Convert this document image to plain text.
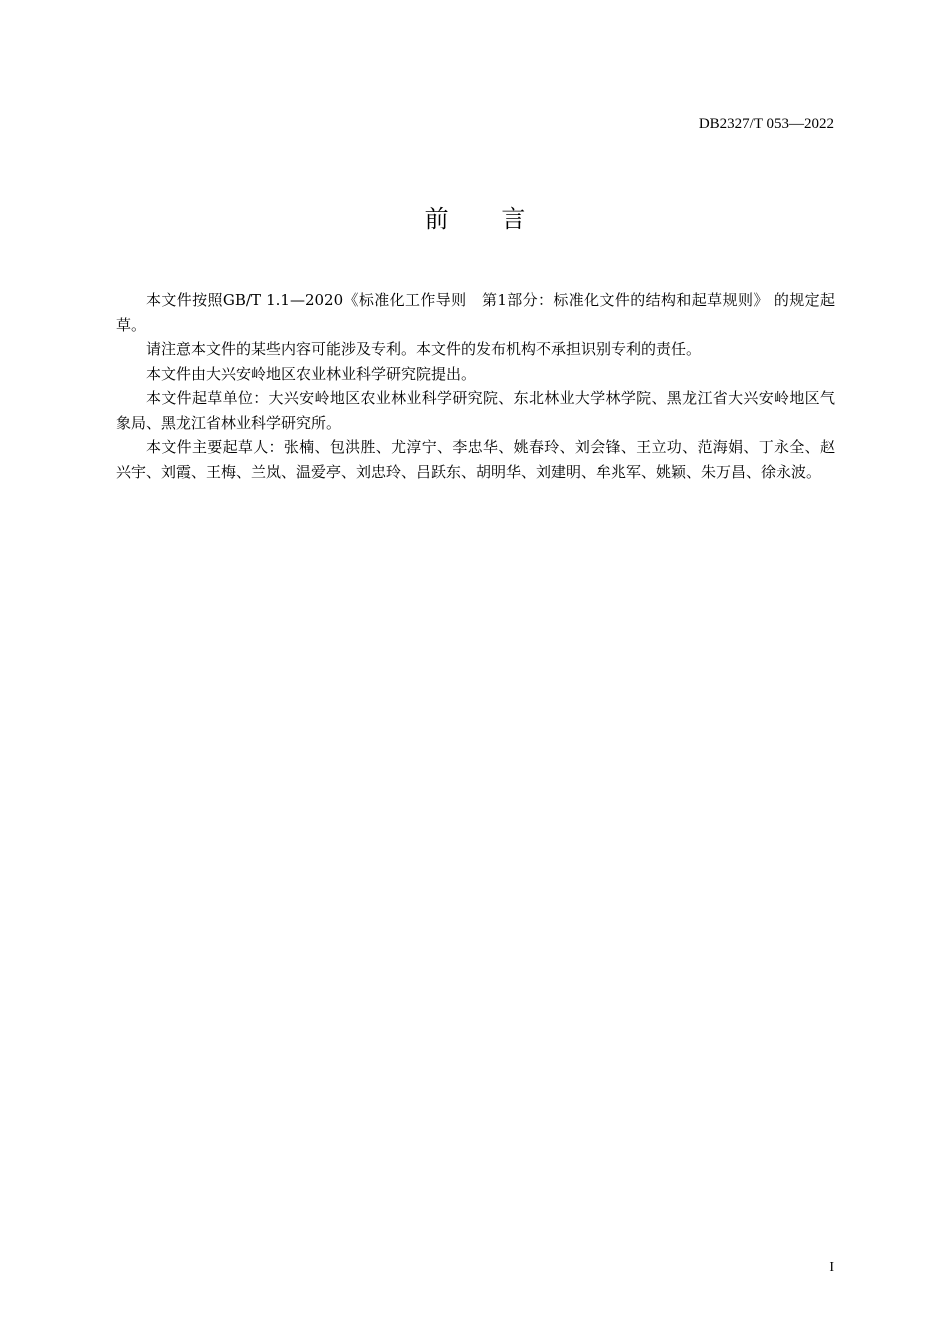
DB2327/T 053—2022
前言

本文件按照GB/T 1.1—2020《标准化工作导则　第1部分：标准化文件的结构和起草规则》 的规定起草。

请注意本文件的某些内容可能涉及专利。本文件的发布机构不承担识别专利的责任。

本文件由大兴安岭地区农业林业科学研究院提出。

本文件起草单位：大兴安岭地区农业林业科学研究院、东北林业大学林学院、黑龙江省大兴安岭地区气象局、黑龙江省林业科学研究所。

本文件主要起草人：张楠、包洪胜、尤淳宁、李忠华、姚春玲、刘会锋、王立功、范海娟、丁永全、赵兴宇、刘霞、王梅、兰岚、温爱亭、刘忠玲、吕跃东、胡明华、刘建明、牟兆军、姚颖、朱万昌、徐永波。

I
